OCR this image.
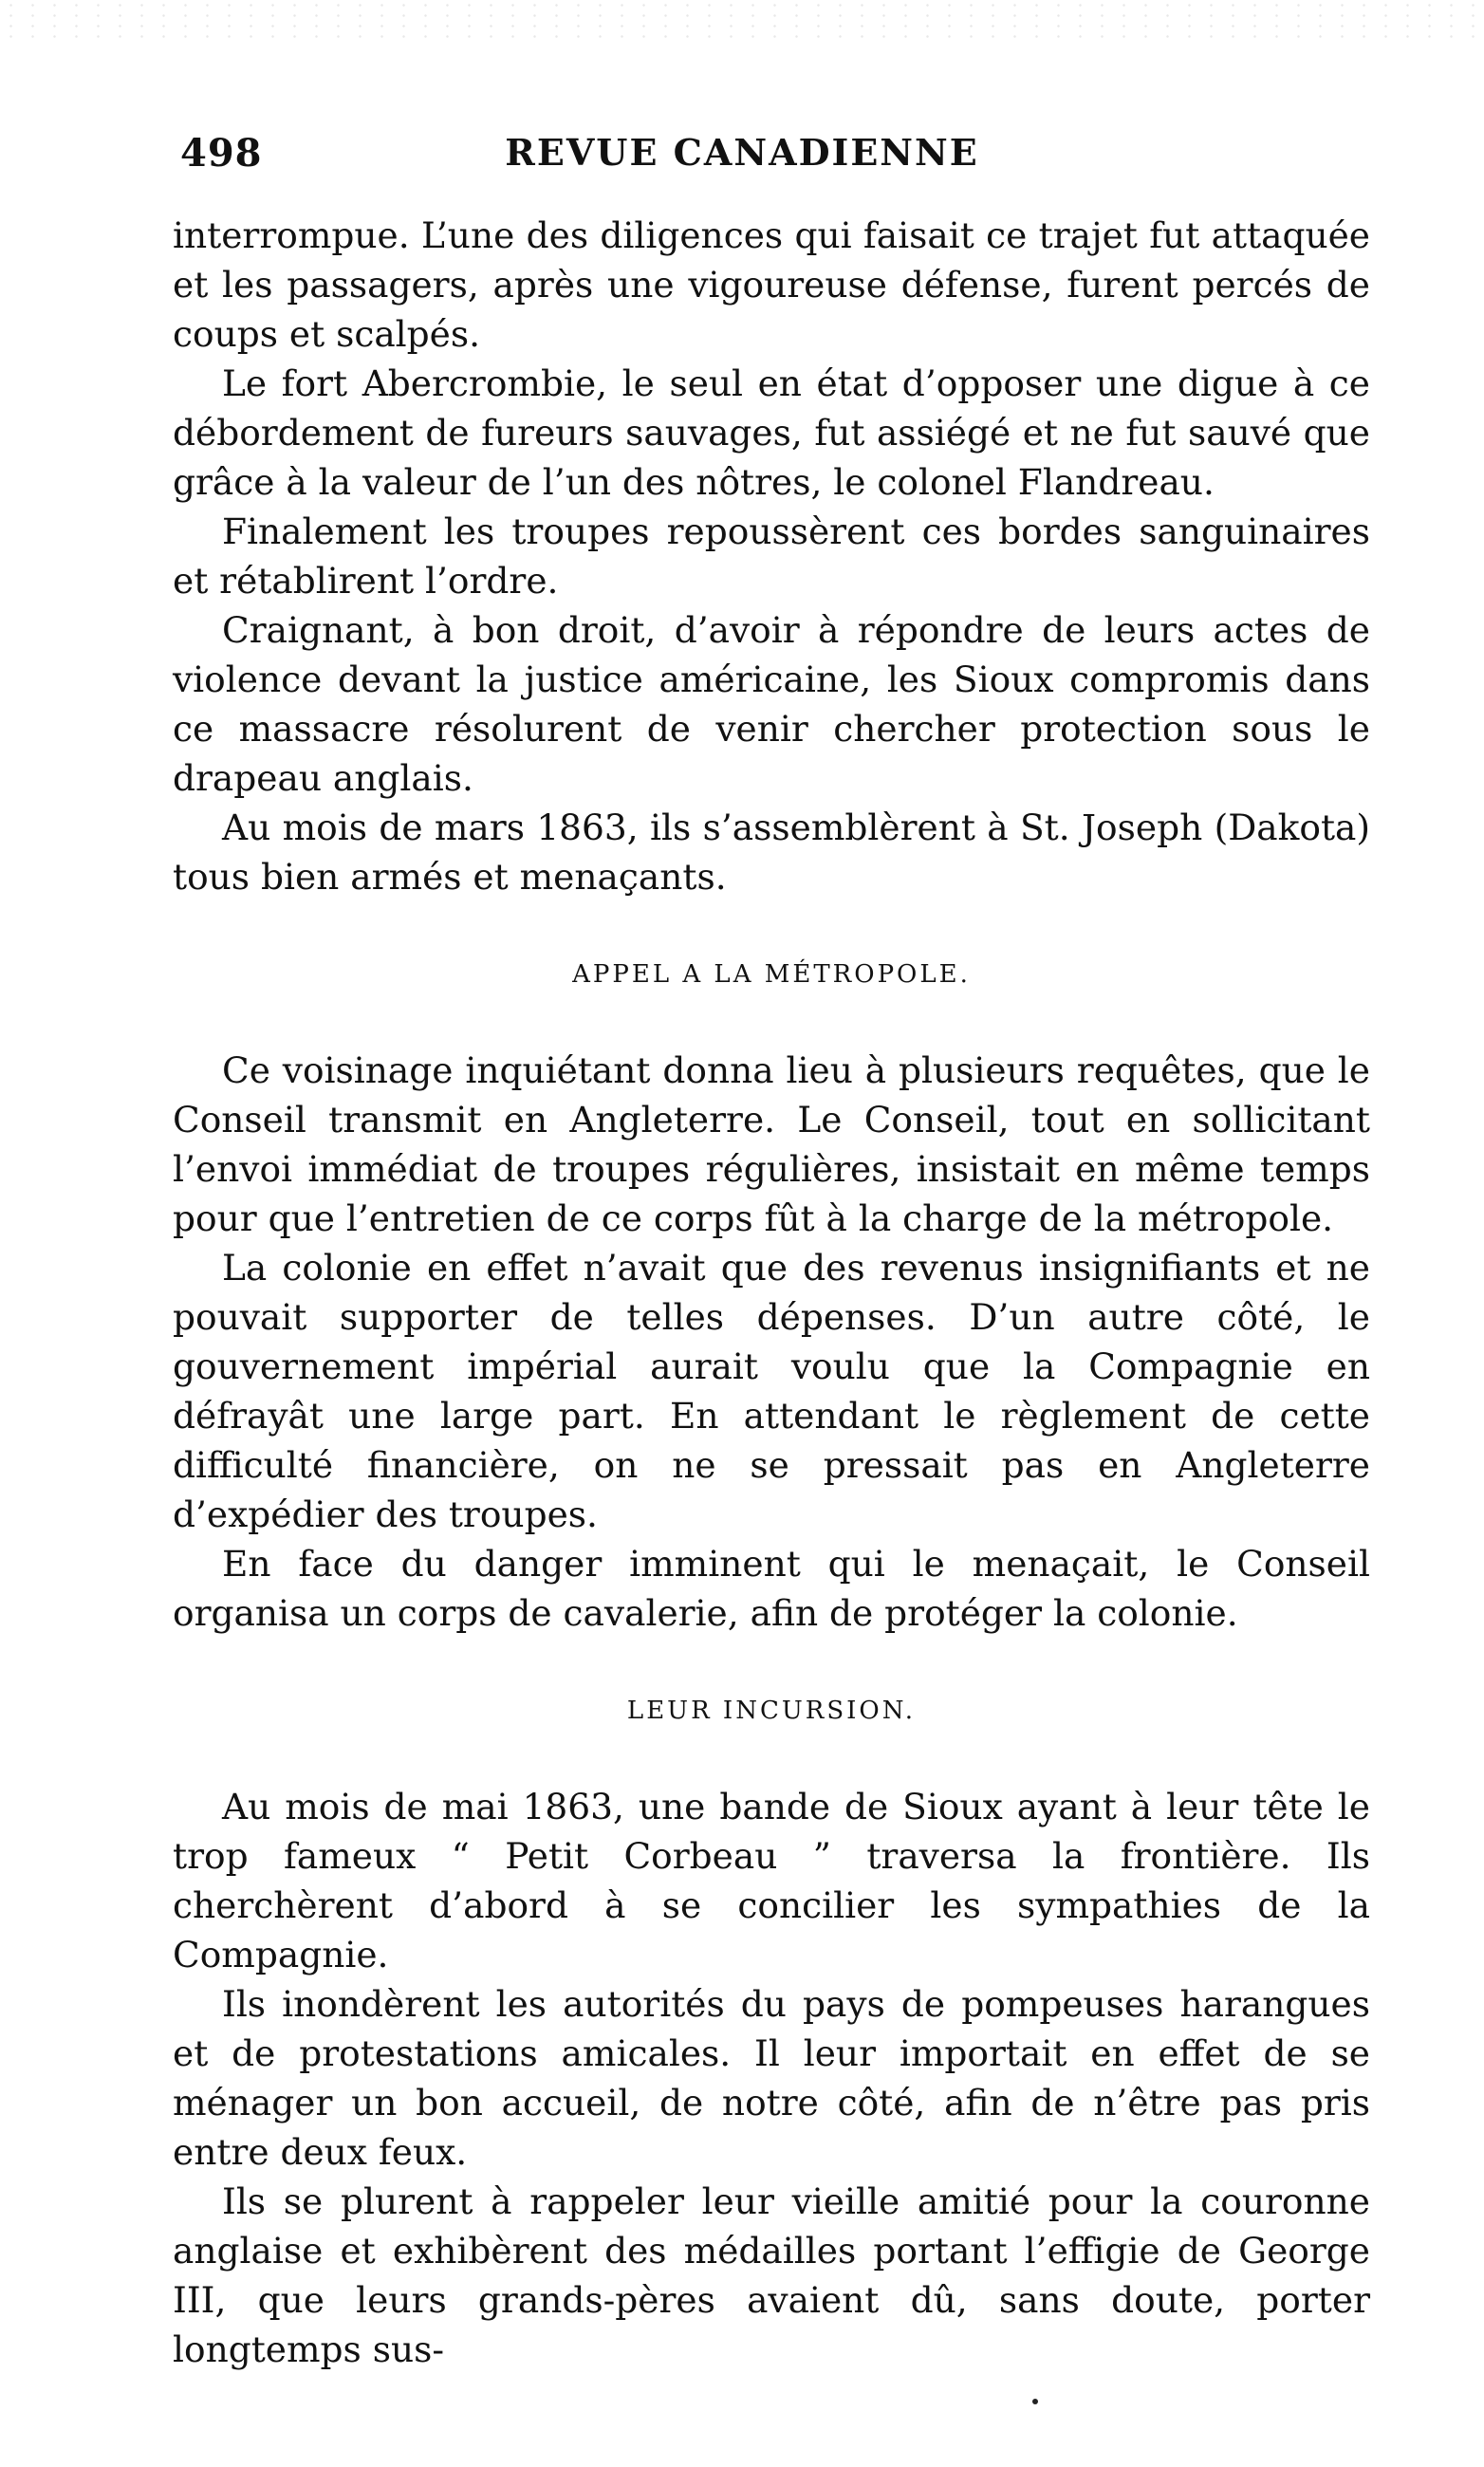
498	REVUE CANADIENNE

interrompue. L’une des diligences qui faisait ce trajet fut attaquée et les passagers, après une vigoureuse défense, furent percés de coups et scalpés.

Le fort Abercrombie, le seul en état d’opposer une digue à ce débordement de fureurs sauvages, fut assiégé et ne fut sauvé que grâce à la valeur de l’un des nôtres, le colonel Flandreau.

Finalement les troupes repoussèrent ces bordes sanguinaires et rétablirent l’ordre.

Craignant, à bon droit, d’avoir à répondre de leurs actes de violence devant la justice américaine, les Sioux compromis dans ce massacre résolurent de venir chercher protection sous le drapeau anglais.

Au mois de mars 1863, ils s’assemblèrent à St. Joseph (Dakota) tous bien armés et menaçants.

APPEL A LA MÉTROPOLE.

Ce voisinage inquiétant donna lieu à plusieurs requêtes, que le Conseil transmit en Angleterre. Le Conseil, tout en sollicitant l’envoi immédiat de troupes régulières, insistait en même temps pour que l’entretien de ce corps fût à la charge de la métropole.

La colonie en effet n’avait que des revenus insignifiants et ne pouvait supporter de telles dépenses. D’un autre côté, le gouvernement impérial aurait voulu que la Compagnie en défrayât une large part. En attendant le règlement de cette difficulté financière, on ne se pressait pas en Angleterre d’expédier des troupes.

En face du danger imminent qui le menaçait, le Conseil organisa un corps de cavalerie, afin de protéger la colonie.

LEUR INCURSION.

Au mois de mai 1863, une bande de Sioux ayant à leur tête le trop fameux “ Petit Corbeau ” traversa la frontière. Ils cherchèrent d’abord à se concilier les sympathies de la Compagnie.

Ils inondèrent les autorités du pays de pompeuses harangues et de protestations amicales. Il leur importait en effet de se ménager un bon accueil, de notre côté, afin de n’être pas pris entre deux feux.

Ils se plurent à rappeler leur vieille amitié pour la couronne anglaise et exhibèrent des médailles portant l’effigie de George III, que leurs grands-pères avaient dû, sans doute, porter longtemps sus-
